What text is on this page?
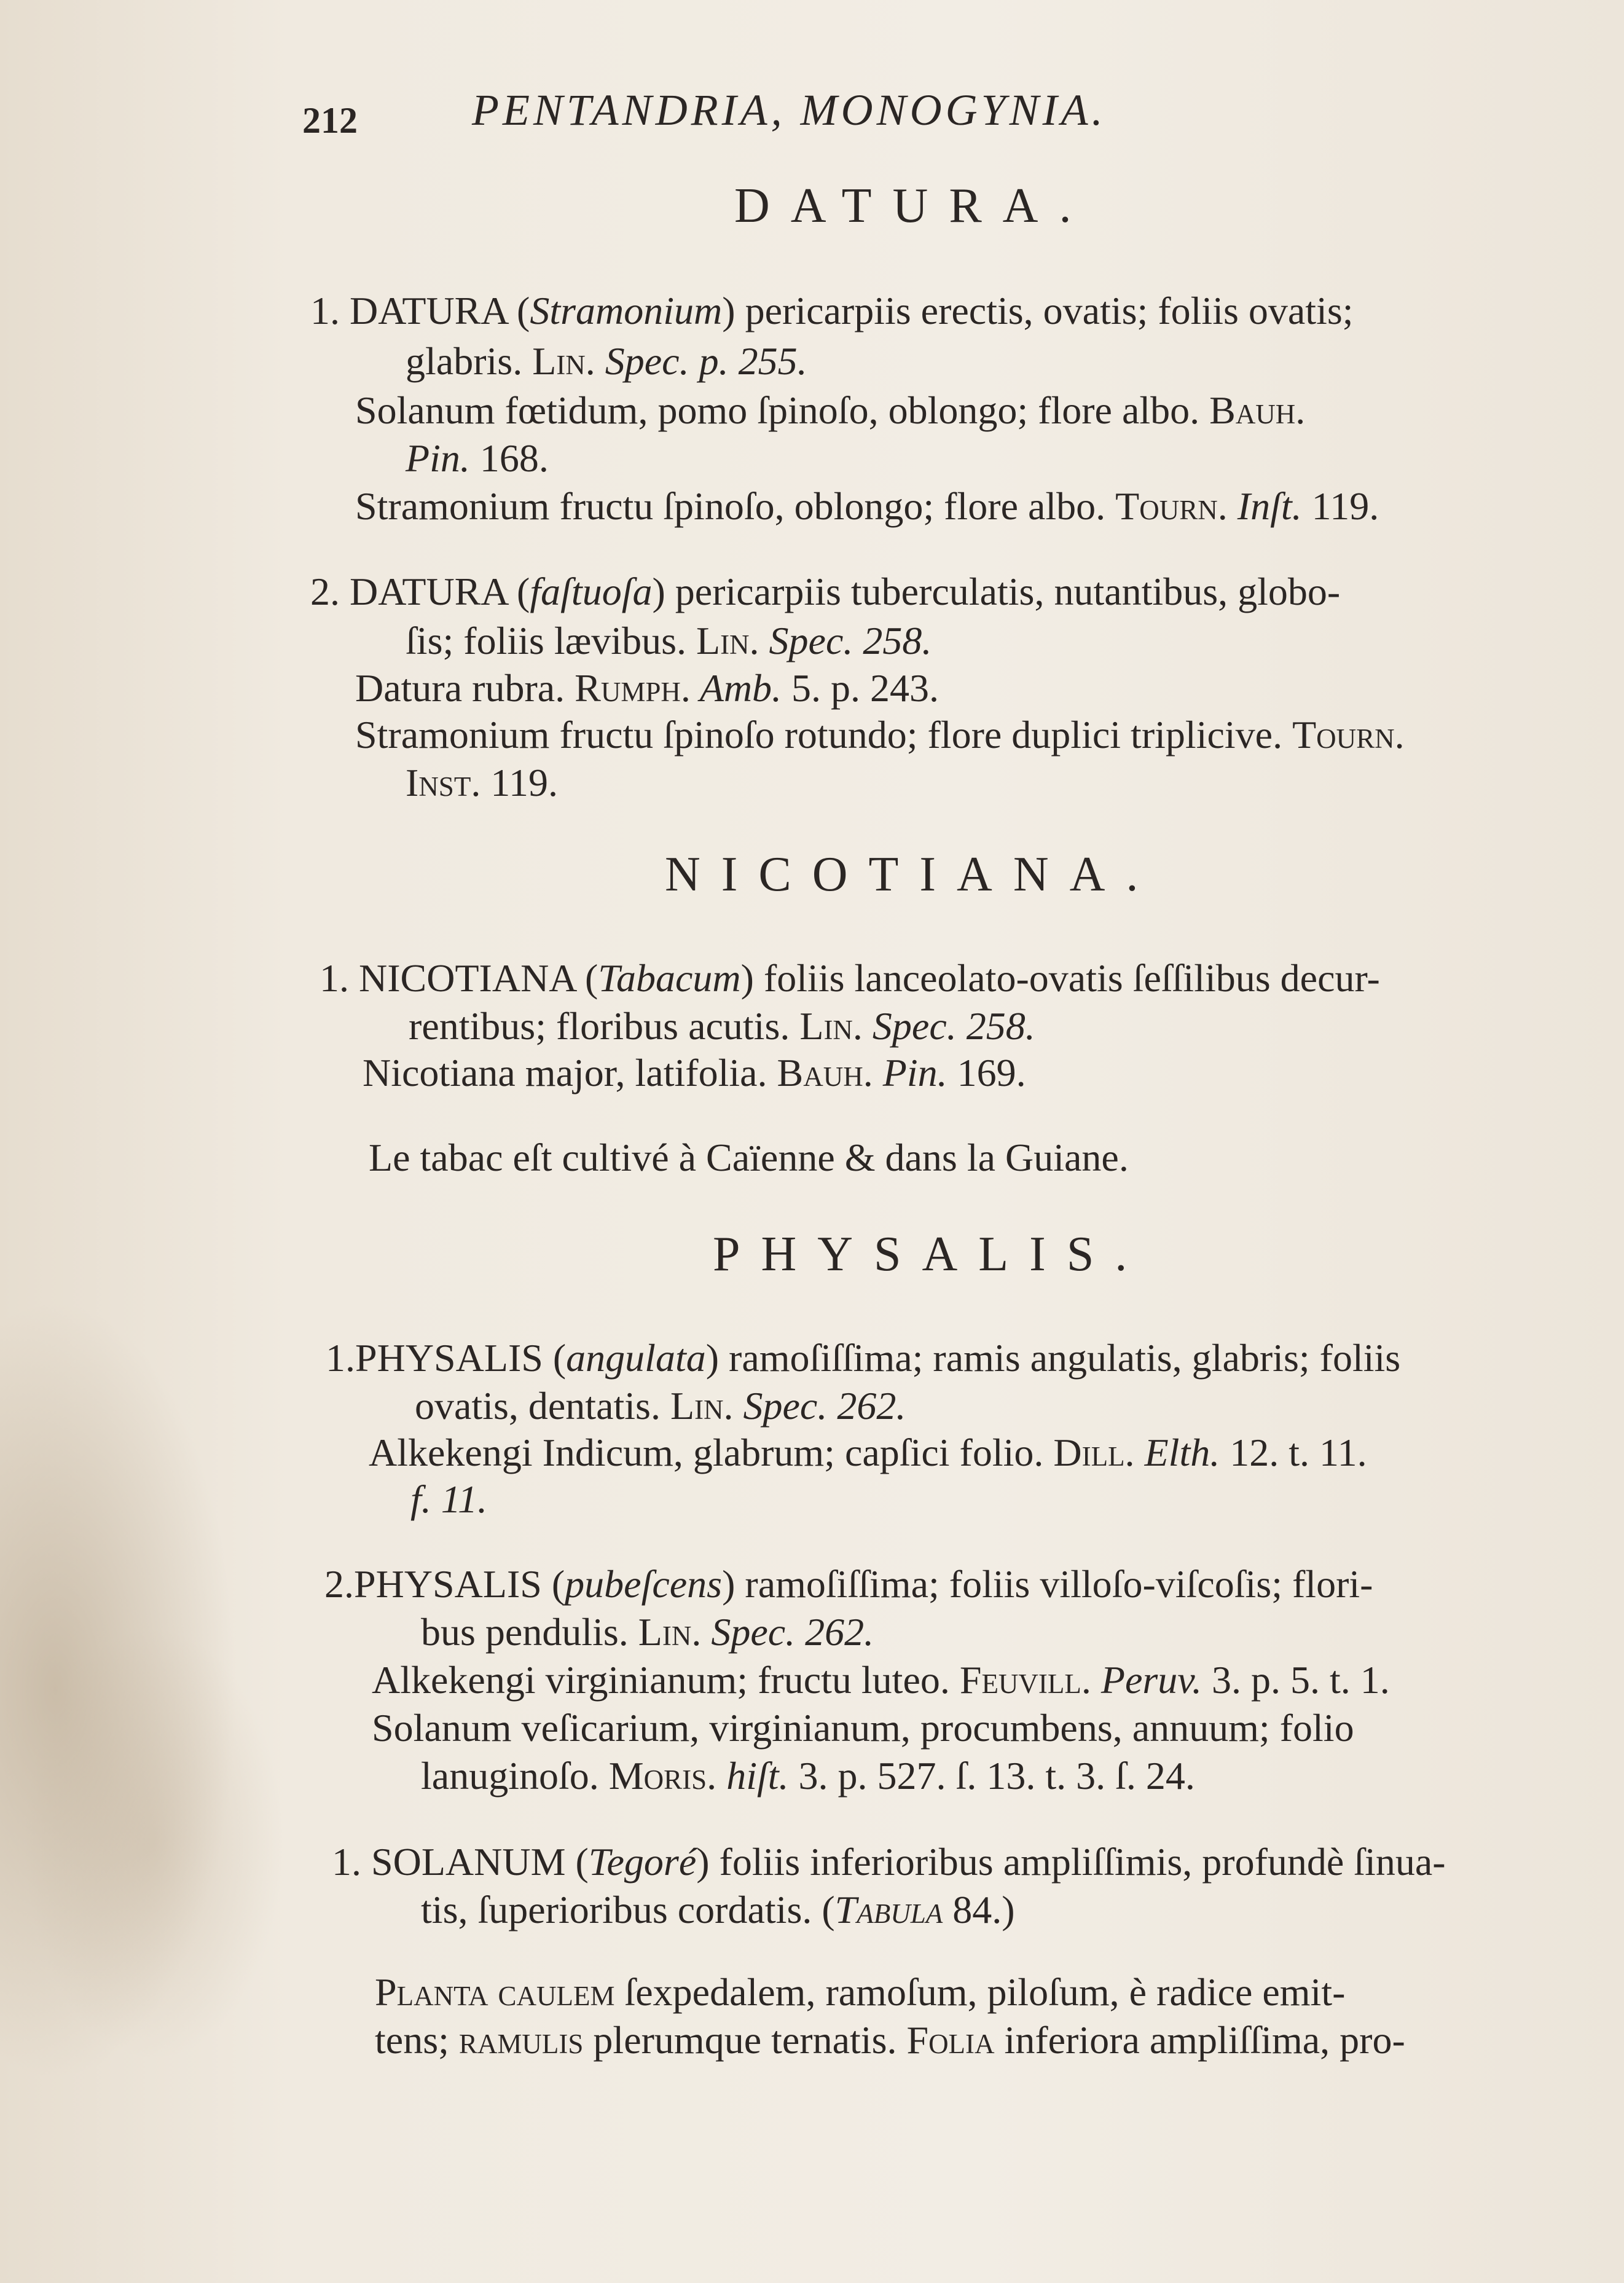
212	PENTANDRIA, MONOGYNIA.
DATURA.
1. DATURA (Stramonium) pericarpiis erectis, ovatis; foliis ovatis;
glabris. Lin. Spec. p. 255.
Solanum fœtidum, pomo ſpinoſo, oblongo; flore albo. Bauh.
Pin. 168.
Stramonium fructu ſpinoſo, oblongo; flore albo. Tourn. Inſt. 119.
2. DATURA (faſtuoſa) pericarpiis tuberculatis, nutantibus, globo-
ſis; foliis lævibus. Lin. Spec. 258.
Datura rubra. Rumph. Amb. 5. p. 243.
Stramonium fructu ſpinoſo rotundo; flore duplici triplicive. Tourn.
Inst. 119.
NICOTIANA.
1. NICOTIANA (Tabacum) foliis lanceolato-ovatis ſeſſilibus decur-
rentibus; floribus acutis. Lin. Spec. 258.
Nicotiana major, latifolia. Bauh. Pin. 169.
Le tabac eſt cultivé à Caïenne & dans la Guiane.
PHYSALIS.
1.PHYSALIS (angulata) ramoſiſſima; ramis angulatis, glabris; foliis
ovatis, dentatis. Lin. Spec. 262.
Alkekengi Indicum, glabrum; capſici folio. Dill. Elth. 12. t. 11.
f. 11.
2.PHYSALIS (pubeſcens) ramoſiſſima; foliis villoſo-viſcoſis; flori-
bus pendulis. Lin. Spec. 262.
Alkekengi virginianum; fructu luteo. Feuvill. Peruv. 3. p. 5. t. 1.
Solanum veſicarium, virginianum, procumbens, annuum; folio
lanuginoſo. Moris. hiſt. 3. p. 527. ſ. 13. t. 3. ſ. 24.
1. SOLANUM (Tegoré) foliis inferioribus ampliſſimis, profundè ſinua-
tis, ſuperioribus cordatis. (Tabula 84.)
Planta caulem ſexpedalem, ramoſum, piloſum, è radice emit-
tens; ramulis plerumque ternatis. Folia inferiora ampliſſima, pro-
